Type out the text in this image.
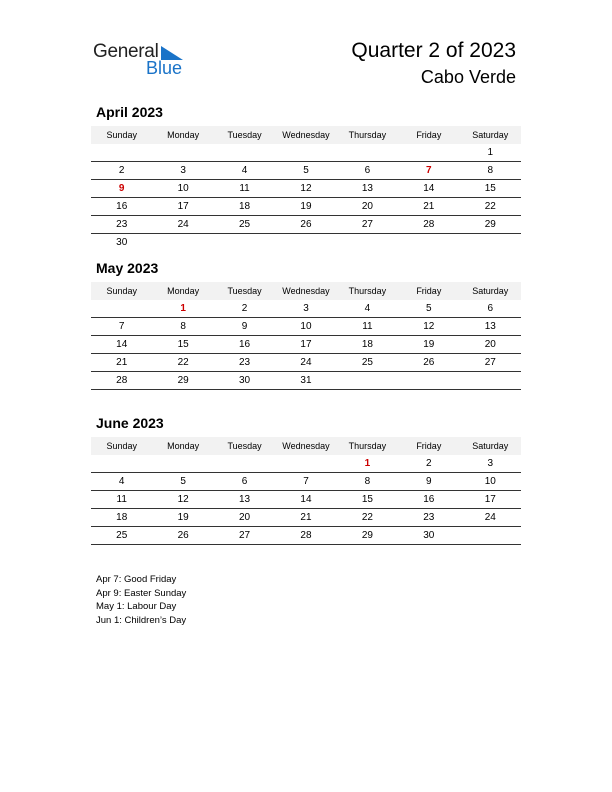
General
Blue
Quarter 2 of 2023
Cabo Verde
April 2023
Sunday	Monday	Tuesday	Wednesday	Thursday	Friday	Saturday
						1
2	3	4	5	6	7	8
9	10	11	12	13	14	15
16	17	18	19	20	21	22
23	24	25	26	27	28	29
30						
May 2023
Sunday	Monday	Tuesday	Wednesday	Thursday	Friday	Saturday
	1	2	3	4	5	6
7	8	9	10	11	12	13
14	15	16	17	18	19	20
21	22	23	24	25	26	27
28	29	30	31			
June 2023
Sunday	Monday	Tuesday	Wednesday	Thursday	Friday	Saturday
				1	2	3
4	5	6	7	8	9	10
11	12	13	14	15	16	17
18	19	20	21	22	23	24
25	26	27	28	29	30	
Apr 7: Good Friday
Apr 9: Easter Sunday
May 1: Labour Day
Jun 1: Children’s Day
